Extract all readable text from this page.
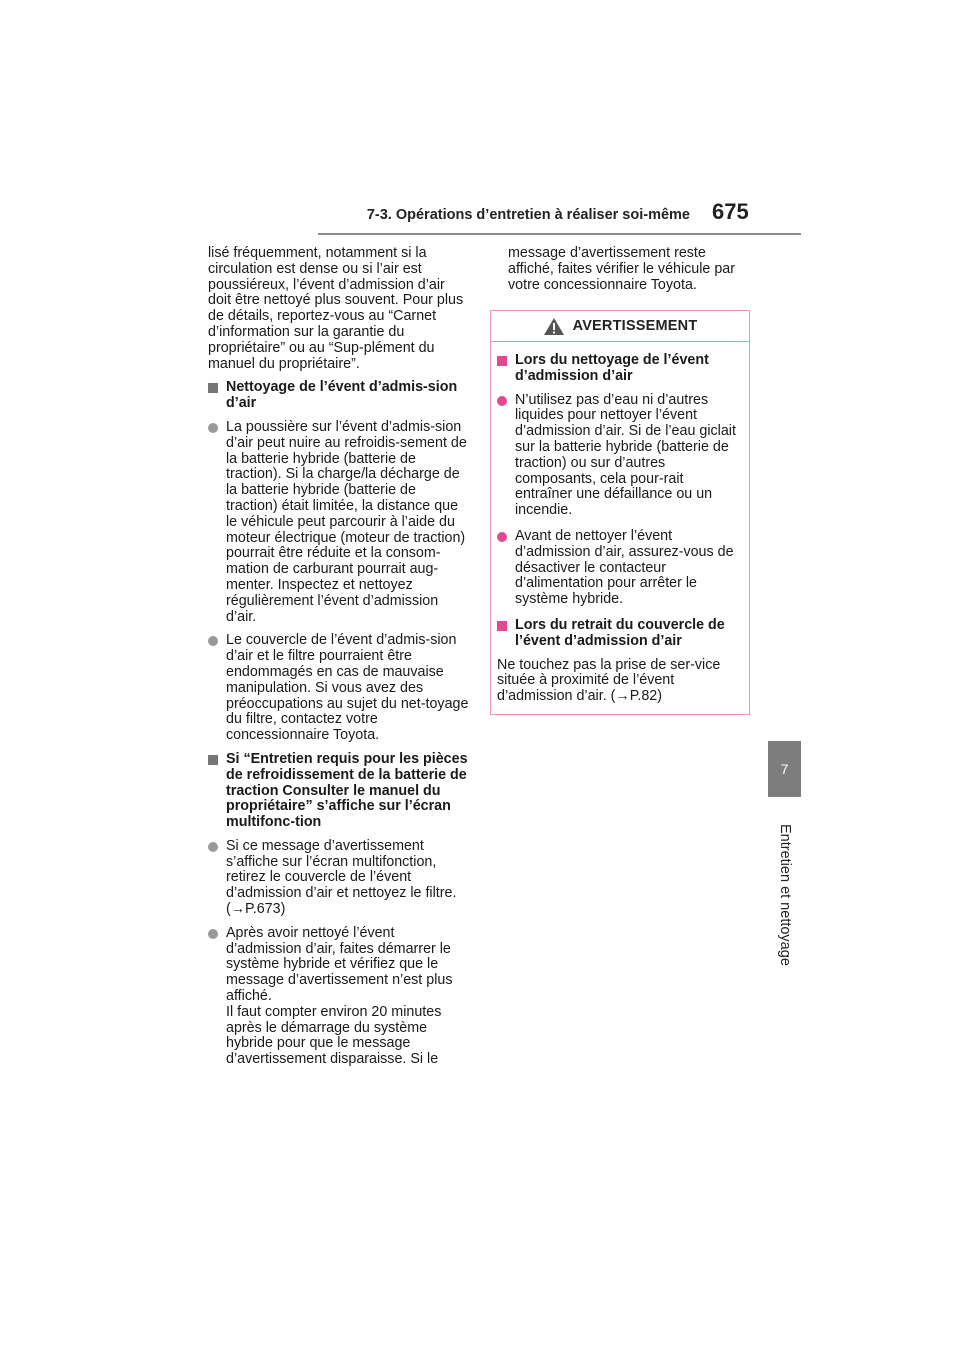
7-3. Opérations d’entretien à réaliser soi-même 675
7
Entretien et nettoyage

lisé fréquemment, notamment si la circulation est dense ou si l’air est poussiéreux, l’évent d’admission d’air doit être nettoyé plus souvent. Pour plus de détails, reportez-vous au “Carnet d’information sur la garantie du propriétaire” ou au “Sup-plément du manuel du propriétaire”.

Nettoyage de l’évent d’admis-sion d’air
La poussière sur l’évent d’admis-sion d’air peut nuire au refroidis-sement de la batterie hybride (batterie de traction). Si la charge/la décharge de la batterie hybride (batterie de traction) était limitée, la distance que le véhicule peut parcourir à l’aide du moteur électrique (moteur de traction) pourrait être réduite et la consom-mation de carburant pourrait aug-menter. Inspectez et nettoyez régulièrement l’évent d’admission d’air.
Le couvercle de l’évent d’admis-sion d’air et le filtre pourraient être endommagés en cas de mauvaise manipulation. Si vous avez des préoccupations au sujet du net-toyage du filtre, contactez votre concessionnaire Toyota.
Si “Entretien requis pour les pièces de refroidissement de la batterie de traction Consulter le manuel du propriétaire” s’affiche sur l’écran multifonc-tion
Si ce message d’avertissement s’affiche sur l’écran multifonction, retirez le couvercle de l’évent d’admission d’air et nettoyez le filtre. (→P.673)
Après avoir nettoyé l’évent d’admission d’air, faites démarrer le système hybride et vérifiez que le message d’avertissement n’est plus affiché.
Il faut compter environ 20 minutes après le démarrage du système hybride pour que le message d’avertissement disparaisse. Si le

message d’avertissement reste affiché, faites vérifier le véhicule par votre concessionnaire Toyota.

AVERTISSEMENT
Lors du nettoyage de l’évent d’admission d’air
N’utilisez pas d’eau ni d’autres liquides pour nettoyer l’évent d’admission d’air. Si de l’eau giclait sur la batterie hybride (batterie de traction) ou sur d’autres composants, cela pour-rait entraîner une défaillance ou un incendie.
Avant de nettoyer l’évent d’admission d’air, assurez-vous de désactiver le contacteur d’alimentation pour arrêter le système hybride.
Lors du retrait du couvercle de l’évent d’admission d’air

Ne touchez pas la prise de ser-vice située à proximité de l’évent d’admission d’air. (→P.82)
